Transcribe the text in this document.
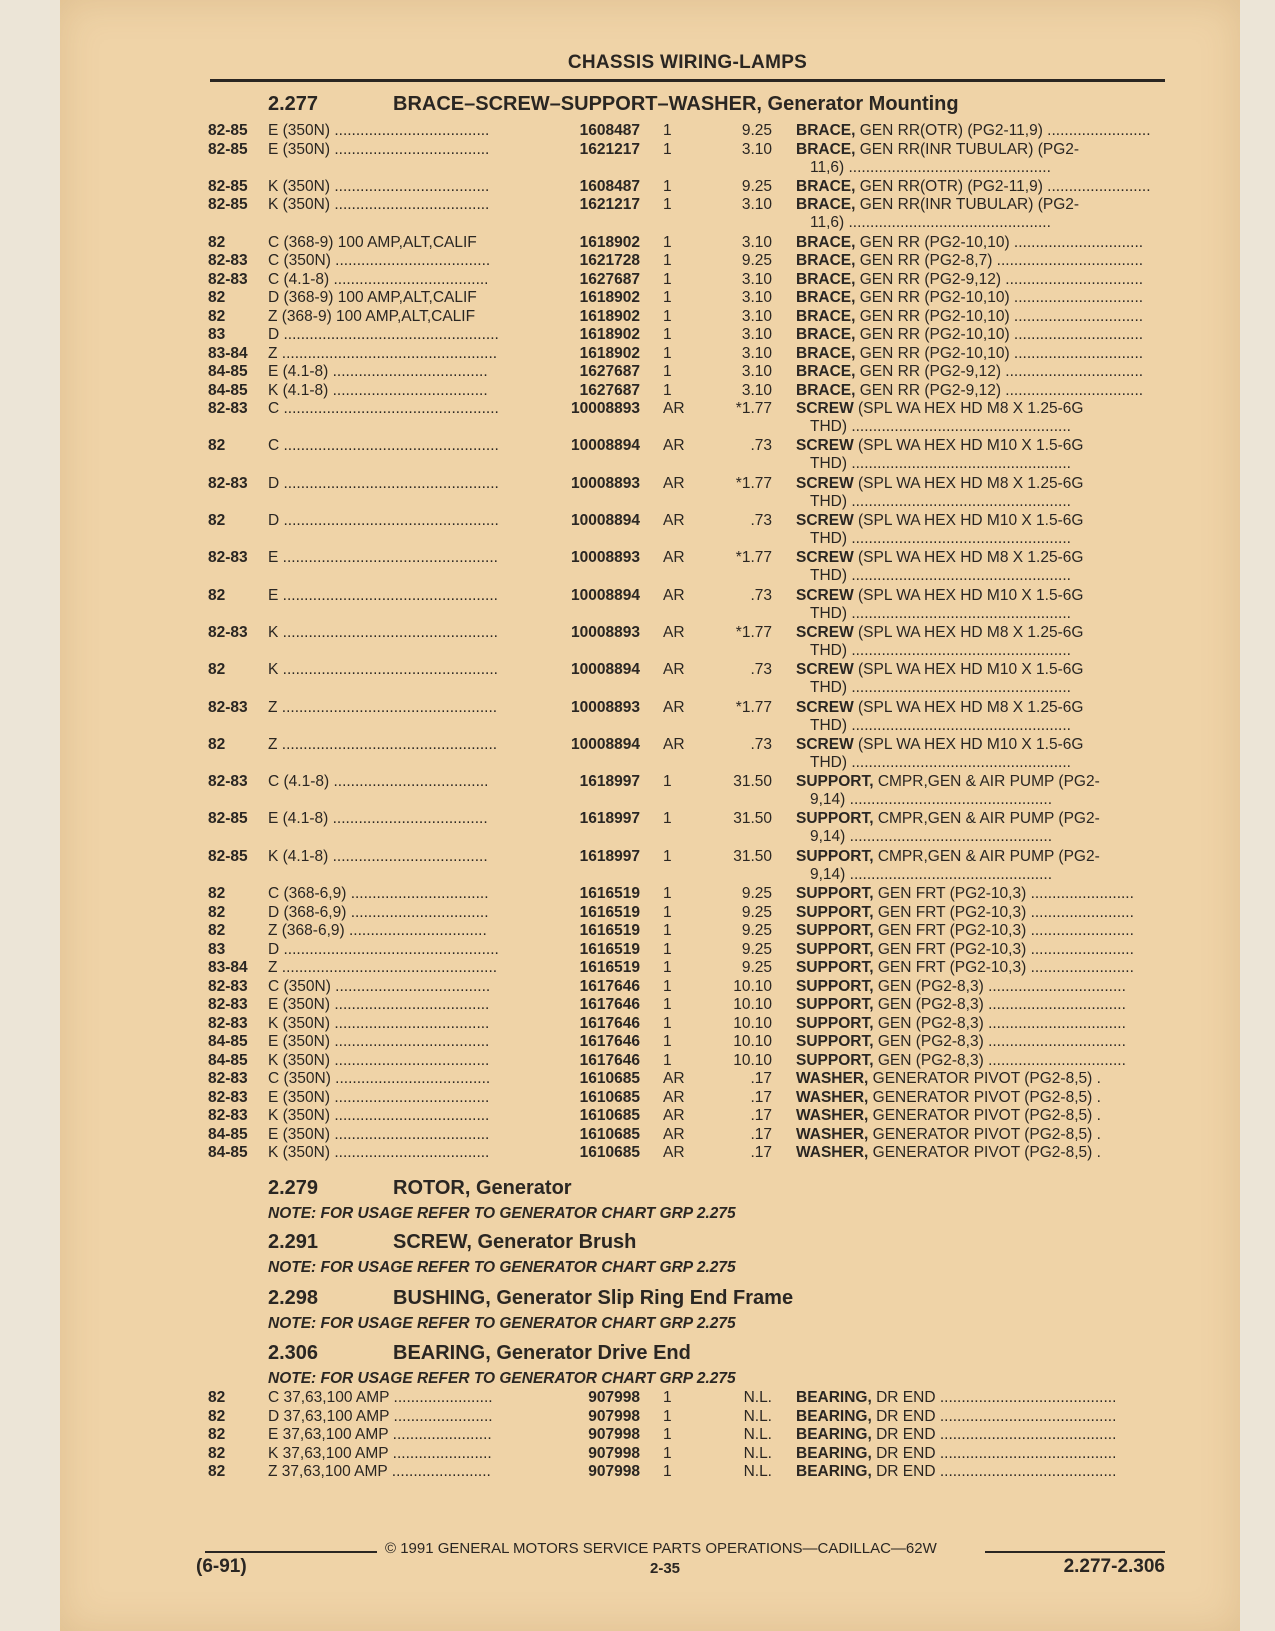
CHASSIS WIRING-LAMPS
2.277	BRACE–SCREW–SUPPORT–WASHER, Generator Mounting
82-85 E (350N) ....................................	1608487 1	9.25 BRACE, GEN RR(OTR) (PG2-11,9) ........................
82-85 E (350N) ....................................	1621217 1	3.10 BRACE, GEN RR(INR TUBULAR) (PG2-
11,6) ...............................................
82-85 K (350N) ....................................	1608487 1	9.25 BRACE, GEN RR(OTR) (PG2-11,9) ........................
82-85 K (350N) ....................................	1621217 1	3.10 BRACE, GEN RR(INR TUBULAR) (PG2-
11,6) ...............................................
82	C (368-9) 100 AMP,ALT,CALIF	1618902 1	3.10 BRACE, GEN RR (PG2-10,10) ..............................
82-83 C (350N) ....................................	1621728 1	9.25 BRACE, GEN RR (PG2-8,7) ..................................
82-83 C (4.1-8) ....................................	1627687 1	3.10 BRACE, GEN RR (PG2-9,12) ................................
82	D (368-9) 100 AMP,ALT,CALIF	1618902 1	3.10 BRACE, GEN RR (PG2-10,10) ..............................
82	Z (368-9) 100 AMP,ALT,CALIF	1618902 1	3.10 BRACE, GEN RR (PG2-10,10) ..............................
83	D ..................................................	1618902 1	3.10 BRACE, GEN RR (PG2-10,10) ..............................
83-84 Z ..................................................	1618902 1	3.10 BRACE, GEN RR (PG2-10,10) ..............................
84-85 E (4.1-8) ....................................	1627687 1	3.10 BRACE, GEN RR (PG2-9,12) ................................
84-85 K (4.1-8) ....................................	1627687 1	3.10 BRACE, GEN RR (PG2-9,12) ................................
82-83 C ..................................................	10008893 AR	*1.77 SCREW (SPL WA HEX HD M8 X 1.25-6G
THD) ...................................................
82	C ..................................................	10008894 AR	.73 SCREW (SPL WA HEX HD M10 X 1.5-6G
THD) ...................................................
82-83 D ..................................................	10008893 AR	*1.77 SCREW (SPL WA HEX HD M8 X 1.25-6G
THD) ...................................................
82	D ..................................................	10008894 AR	.73 SCREW (SPL WA HEX HD M10 X 1.5-6G
THD) ...................................................
82-83 E ..................................................	10008893 AR	*1.77 SCREW (SPL WA HEX HD M8 X 1.25-6G
THD) ...................................................
82	E ..................................................	10008894 AR	.73 SCREW (SPL WA HEX HD M10 X 1.5-6G
THD) ...................................................
82-83 K ..................................................	10008893 AR	*1.77 SCREW (SPL WA HEX HD M8 X 1.25-6G
THD) ...................................................
82	K ..................................................	10008894 AR	.73 SCREW (SPL WA HEX HD M10 X 1.5-6G
THD) ...................................................
82-83 Z ..................................................	10008893 AR	*1.77 SCREW (SPL WA HEX HD M8 X 1.25-6G
THD) ...................................................
82	Z ..................................................	10008894 AR	.73 SCREW (SPL WA HEX HD M10 X 1.5-6G
THD) ...................................................
82-83 C (4.1-8) ....................................	1618997 1	31.50 SUPPORT, CMPR,GEN & AIR PUMP (PG2-
9,14) ...............................................
82-85 E (4.1-8) ....................................	1618997 1	31.50 SUPPORT, CMPR,GEN & AIR PUMP (PG2-
9,14) ...............................................
82-85 K (4.1-8) ....................................	1618997 1	31.50 SUPPORT, CMPR,GEN & AIR PUMP (PG2-
9,14) ...............................................
82	C (368-6,9) ................................	1616519 1	9.25 SUPPORT, GEN FRT (PG2-10,3) ........................
82	D (368-6,9) ................................	1616519 1	9.25 SUPPORT, GEN FRT (PG2-10,3) ........................
82	Z (368-6,9) ................................	1616519 1	9.25 SUPPORT, GEN FRT (PG2-10,3) ........................
83	D ..................................................	1616519 1	9.25 SUPPORT, GEN FRT (PG2-10,3) ........................
83-84 Z ..................................................	1616519 1	9.25 SUPPORT, GEN FRT (PG2-10,3) ........................
82-83 C (350N) ....................................	1617646 1	10.10 SUPPORT, GEN (PG2-8,3) ................................
82-83 E (350N) ....................................	1617646 1	10.10 SUPPORT, GEN (PG2-8,3) ................................
82-83 K (350N) ....................................	1617646 1	10.10 SUPPORT, GEN (PG2-8,3) ................................
84-85 E (350N) ....................................	1617646 1	10.10 SUPPORT, GEN (PG2-8,3) ................................
84-85 K (350N) ....................................	1617646 1	10.10 SUPPORT, GEN (PG2-8,3) ................................
82-83 C (350N) ....................................	1610685 AR	.17 WASHER, GENERATOR PIVOT (PG2-8,5) .
82-83 E (350N) ....................................	1610685 AR	.17 WASHER, GENERATOR PIVOT (PG2-8,5) .
82-83 K (350N) ....................................	1610685 AR	.17 WASHER, GENERATOR PIVOT (PG2-8,5) .
84-85 E (350N) ....................................	1610685 AR	.17 WASHER, GENERATOR PIVOT (PG2-8,5) .
84-85 K (350N) ....................................	1610685 AR	.17 WASHER, GENERATOR PIVOT (PG2-8,5) .
2.279	ROTOR, Generator
NOTE: FOR USAGE REFER TO GENERATOR CHART GRP 2.275
2.291	SCREW, Generator Brush
NOTE: FOR USAGE REFER TO GENERATOR CHART GRP 2.275
2.298	BUSHING, Generator Slip Ring End Frame
NOTE: FOR USAGE REFER TO GENERATOR CHART GRP 2.275
2.306	BEARING, Generator Drive End
NOTE: FOR USAGE REFER TO GENERATOR CHART GRP 2.275
82	C 37,63,100 AMP .......................	907998 1	N.L. BEARING, DR END .........................................
82	D 37,63,100 AMP .......................	907998 1	N.L. BEARING, DR END .........................................
82	E 37,63,100 AMP .......................	907998 1	N.L. BEARING, DR END .........................................
82	K 37,63,100 AMP .......................	907998 1	N.L. BEARING, DR END .........................................
82	Z 37,63,100 AMP .......................	907998 1	N.L. BEARING, DR END .........................................
© 1991 GENERAL MOTORS SERVICE PARTS OPERATIONS—CADILLAC—62W
(6-91)	2-35	2.277-2.306
